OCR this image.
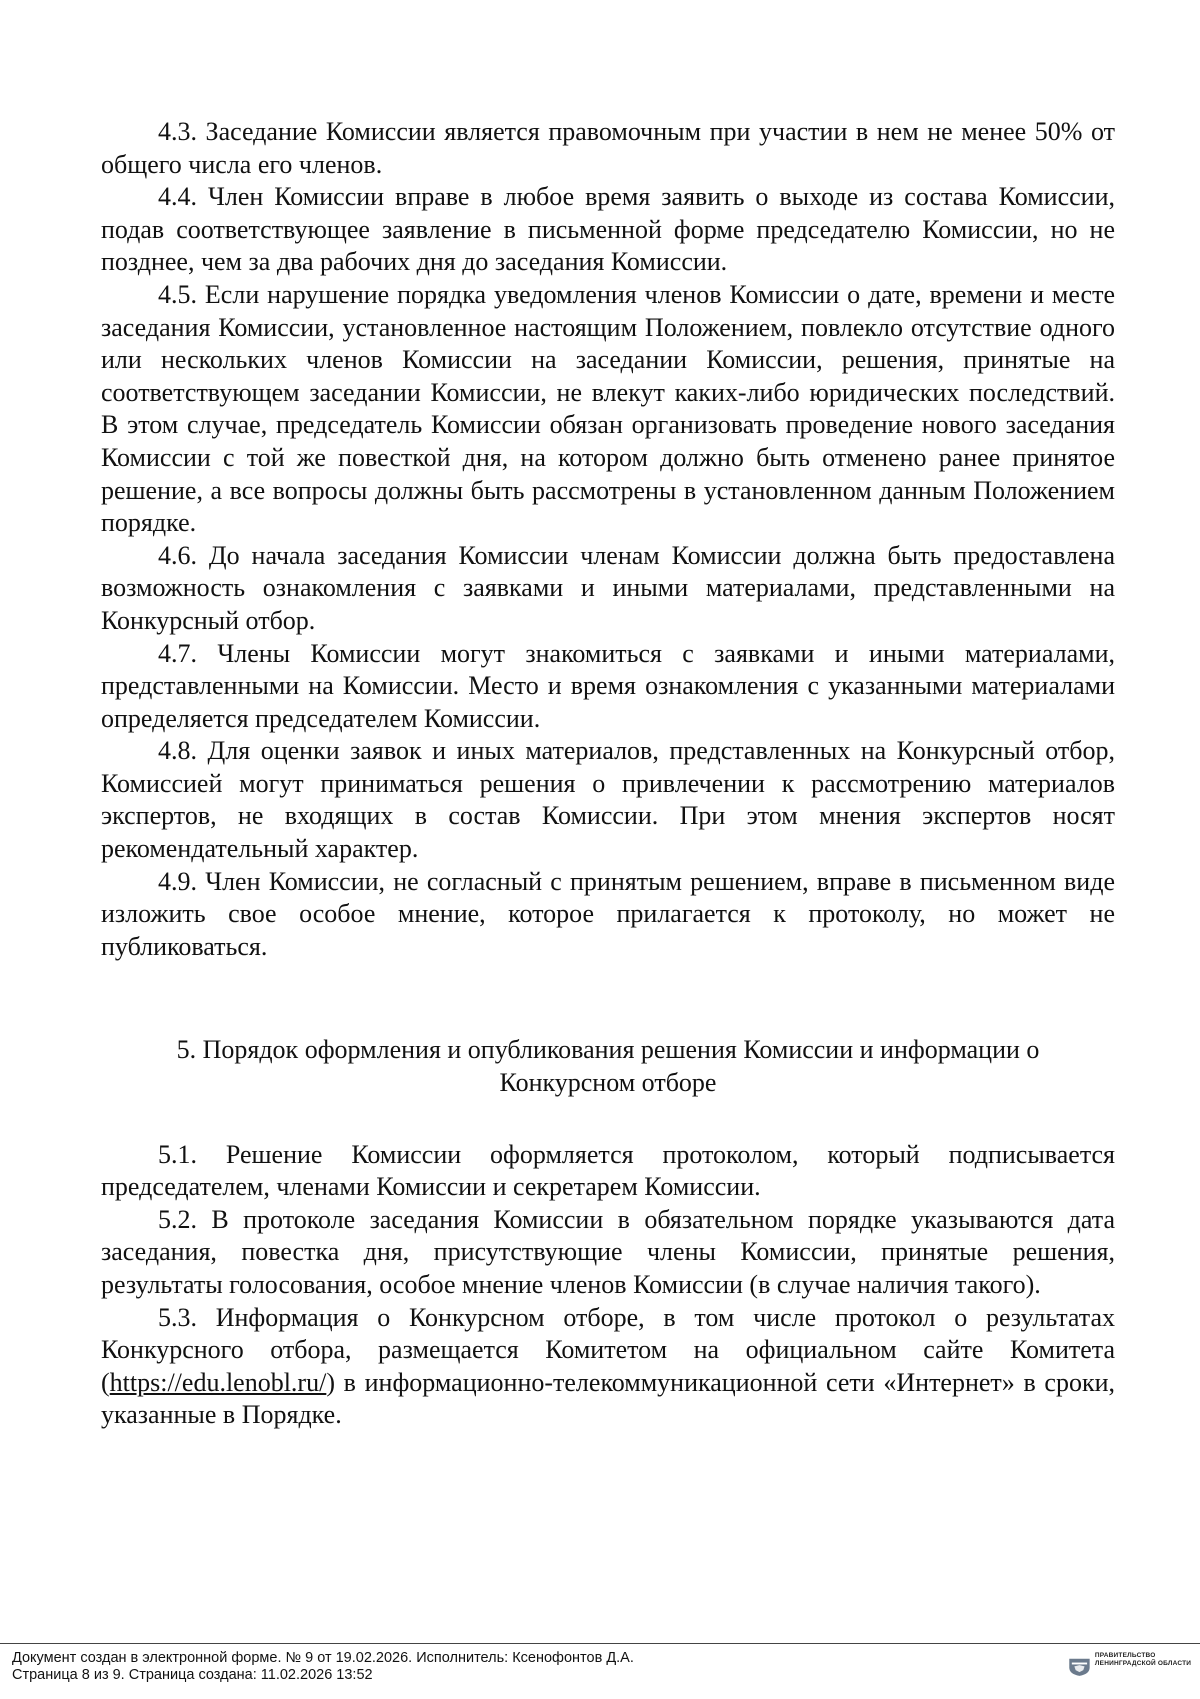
4.3. Заседание Комиссии является правомочным при участии в нем не менее 50% от общего числа его членов.

4.4. Член Комиссии вправе в любое время заявить о выходе из состава Комиссии, подав соответствующее заявление в письменной форме председателю Комиссии, но не позднее, чем за два рабочих дня до заседания Комиссии.

4.5. Если нарушение порядка уведомления членов Комиссии о дате, времени и месте заседания Комиссии, установленное настоящим Положением, повлекло отсутствие одного или нескольких членов Комиссии на заседании Комиссии, решения, принятые на соответствующем заседании Комиссии, не влекут каких-либо юридических последствий. В этом случае, председатель Комиссии обязан организовать проведение нового заседания Комиссии с той же повесткой дня, на котором должно быть отменено ранее принятое решение, а все вопросы должны быть рассмотрены в установленном данным Положением порядке.

4.6. До начала заседания Комиссии членам Комиссии должна быть предоставлена возможность ознакомления с заявками и иными материалами, представленными на Конкурсный отбор.

4.7. Члены Комиссии могут знакомиться с заявками и иными материалами, представленными на Комиссии. Место и время ознакомления с указанными материалами определяется председателем Комиссии.

4.8. Для оценки заявок и иных материалов, представленных на Конкурсный отбор, Комиссией могут приниматься решения о привлечении к рассмотрению материалов экспертов, не входящих в состав Комиссии. При этом мнения экспертов носят рекомендательный характер.

4.9. Член Комиссии, не согласный с принятым решением, вправе в письменном виде изложить свое особое мнение, которое прилагается к протоколу, но может не публиковаться.

5. Порядок оформления и опубликования решения Комиссии и информации о Конкурсном отборе

5.1. Решение Комиссии оформляется протоколом, который подписывается председателем, членами Комиссии и секретарем Комиссии.

5.2. В протоколе заседания Комиссии в обязательном порядке указываются дата заседания, повестка дня, присутствующие члены Комиссии, принятые решения, результаты голосования, особое мнение членов Комиссии (в случае наличия такого).

5.3. Информация о Конкурсном отборе, в том числе протокол о результатах Конкурсного отбора, размещается Комитетом на официальном сайте Комитета (https://edu.lenobl.ru/) в информационно-телекоммуникационной сети «Интернет» в сроки, указанные в Порядке.

Документ создан в электронной форме. № 9 от 19.02.2026. Исполнитель: Ксенофонтов Д.А.
Страница 8 из 9. Страница создана: 11.02.2026 13:52
ПРАВИТЕЛЬСТВО ЛЕНИНГРАДСКОЙ ОБЛАСТИ
